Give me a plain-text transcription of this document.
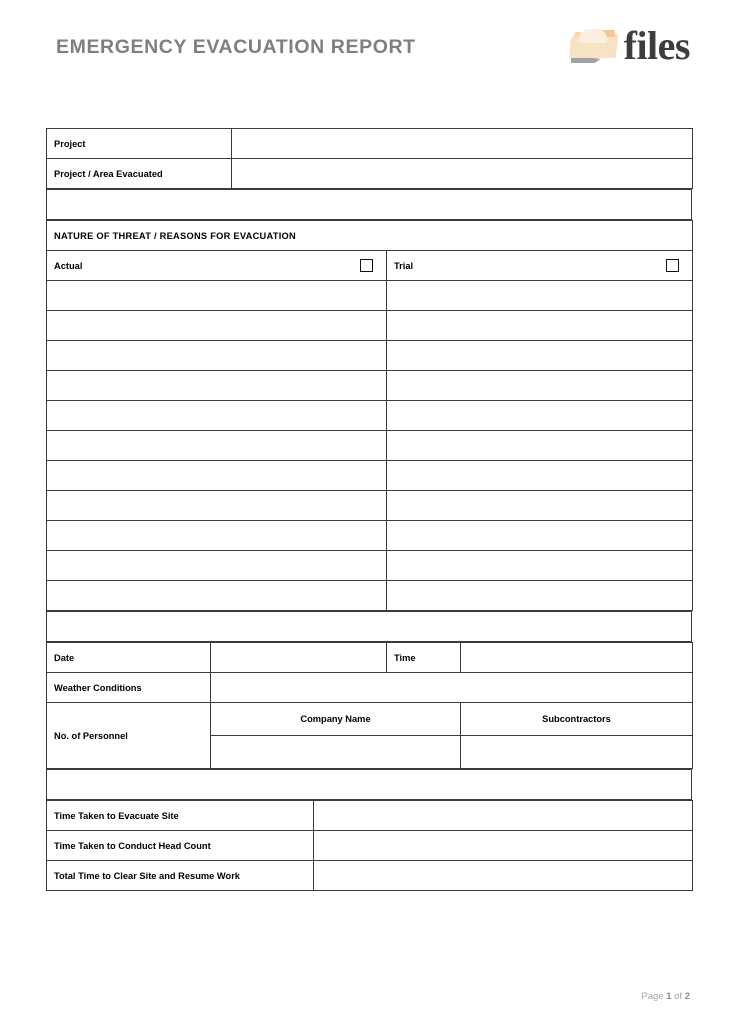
EMERGENCY EVACUATION REPORT	files
Project	
Project / Area Evacuated	
NATURE OF THREAT / REASONS FOR EVACUATION	

Actual	Trial

Date		Time	
Weather Conditions			
No. of Personnel	Company Name		Subcontractors

Time Taken to Evacuate Site	
Time Taken to Conduct Head Count	
Total Time to Clear Site and Resume Work	
Page 1 of 2
